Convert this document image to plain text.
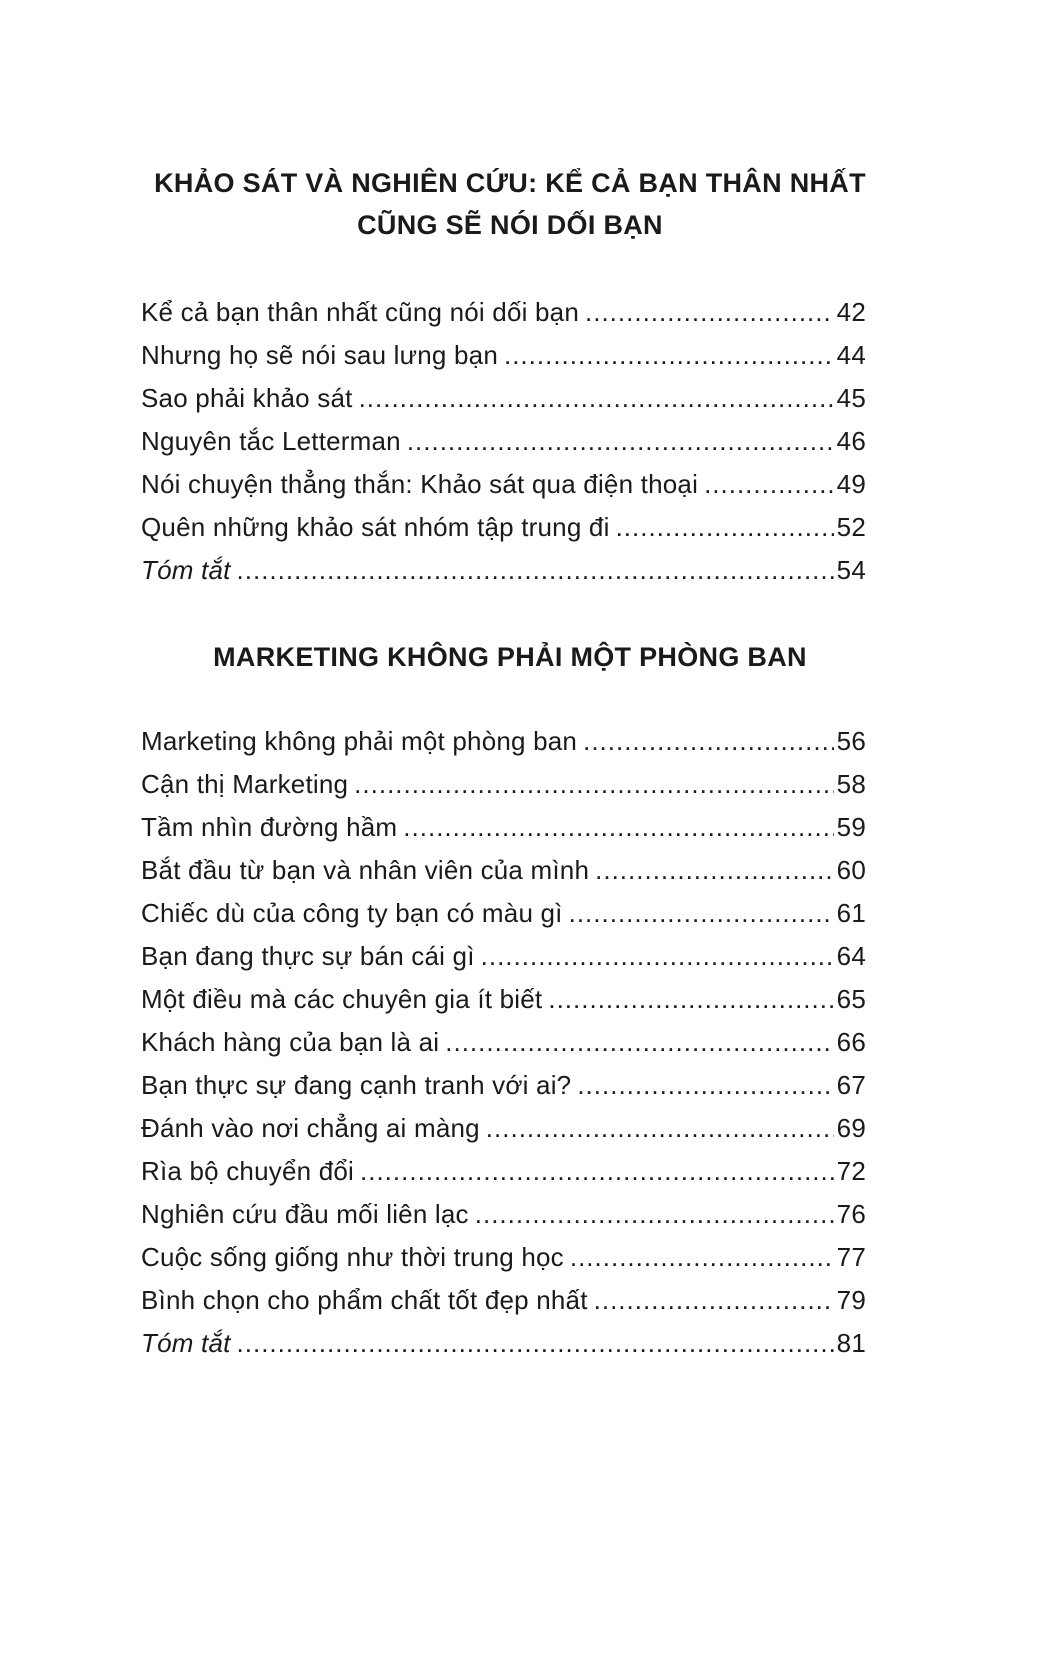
KHẢO SÁT VÀ NGHIÊN CỨU: KỂ CẢ BẠN THÂN NHẤT
CŨNG SẼ NÓI DỐI BẠN
Kể cả bạn thân nhất cũng nói dối bạn .....	42
Nhưng họ sẽ nói sau lưng bạn .....	44
Sao phải khảo sát .....	45
Nguyên tắc Letterman .....	46
Nói chuyện thẳng thắn: Khảo sát qua điện thoại .....	49
Quên những khảo sát nhóm tập trung đi .....	52
Tóm tắt .....	54
MARKETING KHÔNG PHẢI MỘT PHÒNG BAN
Marketing không phải một phòng ban .....	56
Cận thị Marketing .....	58
Tầm nhìn đường hầm .....	59
Bắt đầu từ bạn và nhân viên của mình .....	60
Chiếc dù của công ty bạn có màu gì .....	61
Bạn đang thực sự bán cái gì .....	64
Một điều mà các chuyên gia ít biết .....	65
Khách hàng của bạn là ai .....	66
Bạn thực sự đang cạnh tranh với ai? .....	67
Đánh vào nơi chẳng ai màng .....	69
Rìa bộ chuyển đổi .....	72
Nghiên cứu đầu mối liên lạc .....	76
Cuộc sống giống như thời trung học .....	77
Bình chọn cho phẩm chất tốt đẹp nhất .....	79
Tóm tắt .....	81
